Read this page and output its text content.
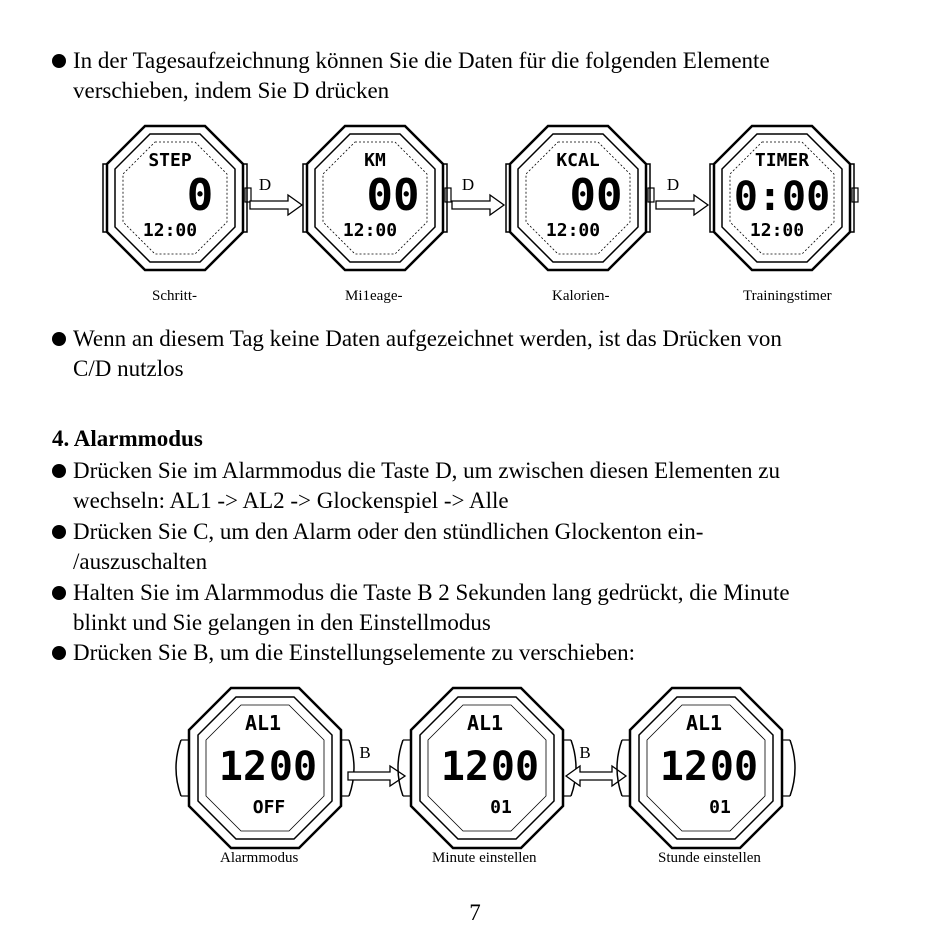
In der Tagesaufzeichnung können Sie die Daten für die folgenden Elemente
verschieben, indem Sie D drücken
STEP
0
12:00
D
KM
00
12:00
D
KCAL
00
12:00
D
TIMER
0:00
12:00
Schritt-	Mi1eage-	Kalorien-	Trainingstimer
Wenn an diesem Tag keine Daten aufgezeichnet werden, ist das Drücken von
C/D nutzlos
4. Alarmmodus
Drücken Sie im Alarmmodus die Taste D, um zwischen diesen Elementen zu
wechseln: AL1 -> AL2 -> Glockenspiel -> Alle
Drücken Sie C, um den Alarm oder den stündlichen Glockenton ein-
/auszuschalten
Halten Sie im Alarmmodus die Taste B 2 Sekunden lang gedrückt, die Minute
blinkt und Sie gelangen in den Einstellmodus
Drücken Sie B, um die Einstellungselemente zu verschieben:
AL1
12 00
OFF
B
AL1
12 00
01
B
AL1
12 00
01
Alarmmodus	Minute einstellen	Stunde einstellen
7
